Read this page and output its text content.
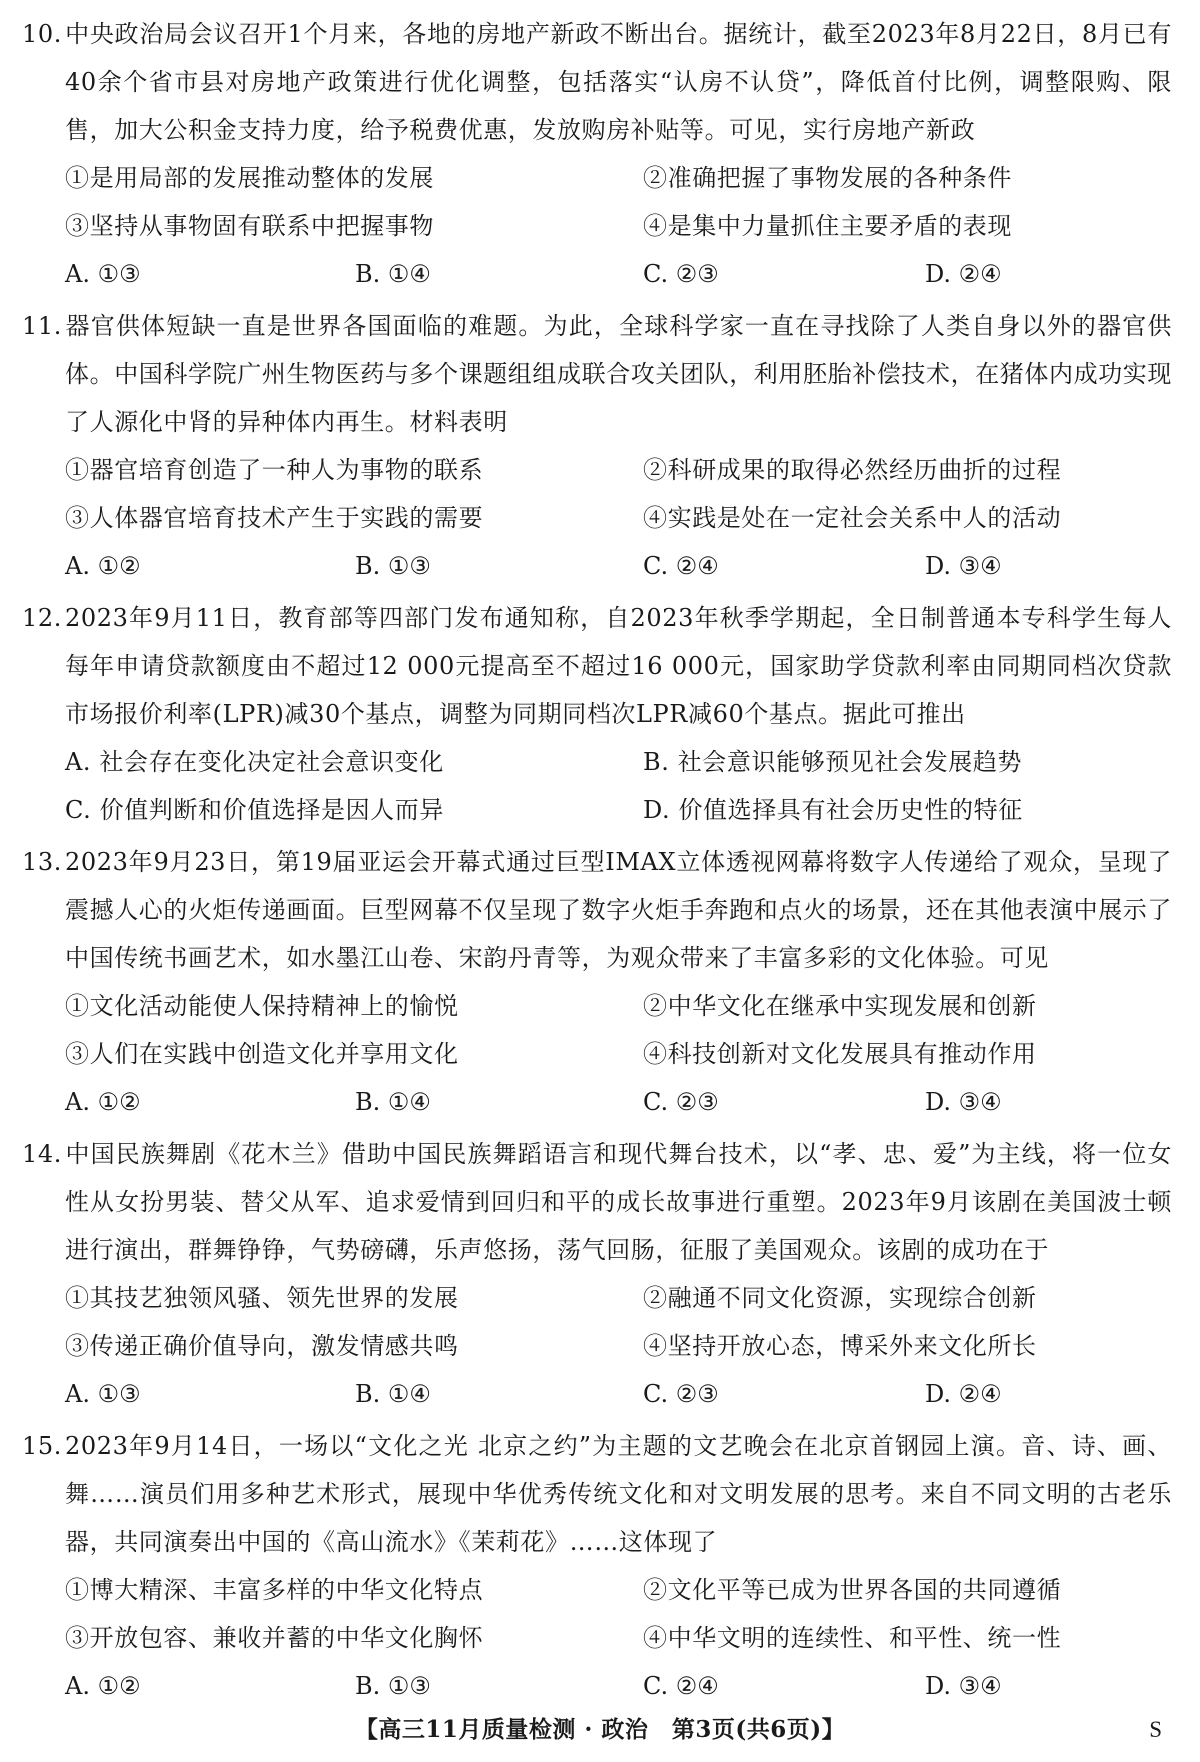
10. 中央政治局会议召开1个月来，各地的房地产新政不断出台。据统计，截至2023年8月22日，8月已有40余个省市县对房地产政策进行优化调整，包括落实“认房不认贷”，降低首付比例，调整限购、限售，加大公积金支持力度，给予税费优惠，发放购房补贴等。可见，实行房地产新政
①是用局部的发展推动整体的发展	②准确把握了事物发展的各种条件
③坚持从事物固有联系中把握事物	④是集中力量抓住主要矛盾的表现
A. ①③	B. ①④	C. ②③	D. ②④
11. 器官供体短缺一直是世界各国面临的难题。为此，全球科学家一直在寻找除了人类自身以外的器官供体。中国科学院广州生物医药与多个课题组组成联合攻关团队，利用胚胎补偿技术，在猪体内成功实现了人源化中肾的异种体内再生。材料表明
①器官培育创造了一种人为事物的联系	②科研成果的取得必然经历曲折的过程
③人体器官培育技术产生于实践的需要	④实践是处在一定社会关系中人的活动
A. ①②	B. ①③	C. ②④	D. ③④
12. 2023年9月11日，教育部等四部门发布通知称，自2023年秋季学期起，全日制普通本专科学生每人每年申请贷款额度由不超过12 000元提高至不超过16 000元，国家助学贷款利率由同期同档次贷款市场报价利率(LPR)减30个基点，调整为同期同档次LPR减60个基点。据此可推出
A. 社会存在变化决定社会意识变化	B. 社会意识能够预见社会发展趋势
C. 价值判断和价值选择是因人而异	D. 价值选择具有社会历史性的特征
13. 2023年9月23日，第19届亚运会开幕式通过巨型IMAX立体透视网幕将数字人传递给了观众，呈现了震撼人心的火炬传递画面。巨型网幕不仅呈现了数字火炬手奔跑和点火的场景，还在其他表演中展示了中国传统书画艺术，如水墨江山卷、宋韵丹青等，为观众带来了丰富多彩的文化体验。可见
①文化活动能使人保持精神上的愉悦	②中华文化在继承中实现发展和创新
③人们在实践中创造文化并享用文化	④科技创新对文化发展具有推动作用
A. ①②	B. ①④	C. ②③	D. ③④
14. 中国民族舞剧《花木兰》借助中国民族舞蹈语言和现代舞台技术，以“孝、忠、爱”为主线，将一位女性从女扮男装、替父从军、追求爱情到回归和平的成长故事进行重塑。2023年9月该剧在美国波士顿进行演出，群舞铮铮，气势磅礴，乐声悠扬，荡气回肠，征服了美国观众。该剧的成功在于
①其技艺独领风骚、领先世界的发展	②融通不同文化资源，实现综合创新
③传递正确价值导向，激发情感共鸣	④坚持开放心态，博采外来文化所长
A. ①③	B. ①④	C. ②③	D. ②④
15. 2023年9月14日，一场以“文化之光 北京之约”为主题的文艺晚会在北京首钢园上演。音、诗、画、舞……演员们用多种艺术形式，展现中华优秀传统文化和对文明发展的思考。来自不同文明的古老乐器，共同演奏出中国的《高山流水》《茉莉花》……这体现了
①博大精深、丰富多样的中华文化特点	②文化平等已成为世界各国的共同遵循
③开放包容、兼收并蓄的中华文化胸怀	④中华文明的连续性、和平性、统一性
A. ①②	B. ①③	C. ②④	D. ③④
【高三11月质量检测 · 政治　第3页(共6页)】	S
